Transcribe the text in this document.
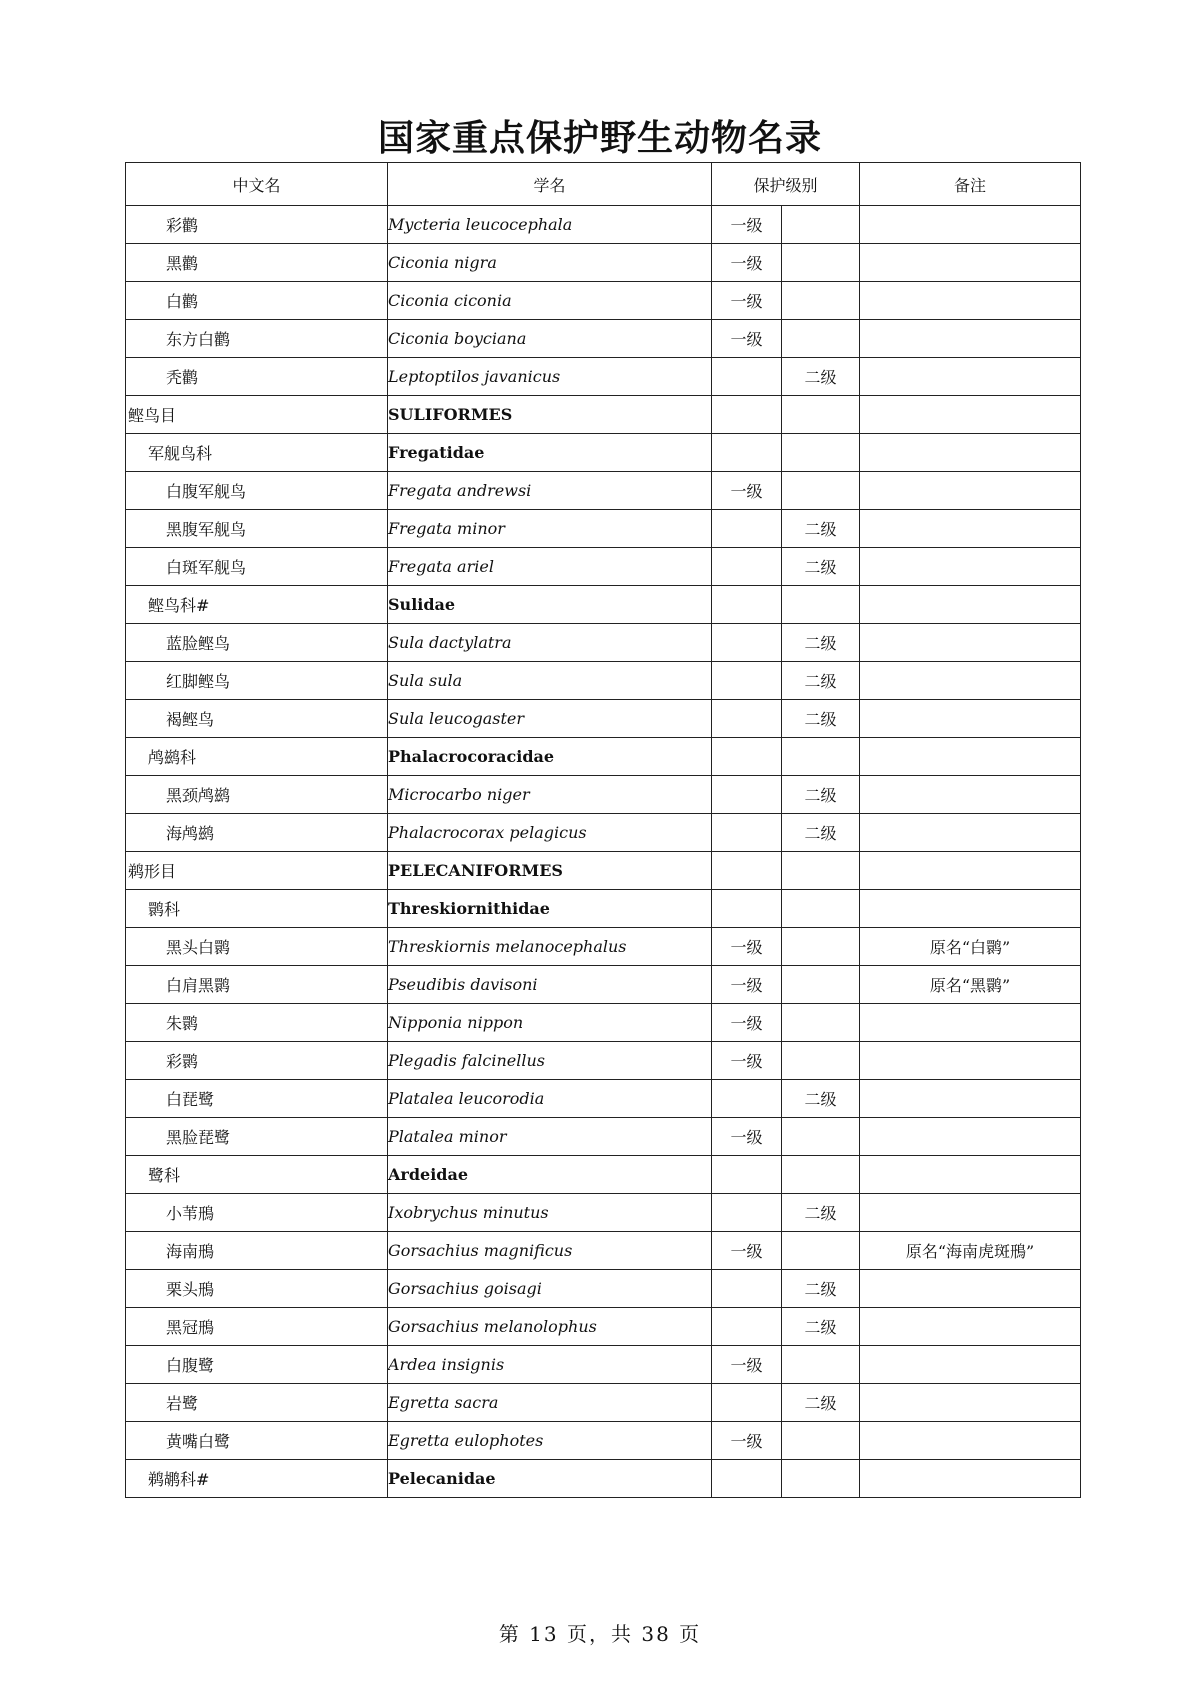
国家重点保护野生动物名录
中文名	学名	保护级别		备注
彩鹳	Mycteria leucocephala	一级		
黑鹳	Ciconia nigra	一级		
白鹳	Ciconia ciconia	一级		
东方白鹳	Ciconia boyciana	一级		
秃鹳	Leptoptilos javanicus		二级	
鲣鸟目	SULIFORMES			
军舰鸟科	Fregatidae			
白腹军舰鸟	Fregata andrewsi	一级		
黑腹军舰鸟	Fregata minor		二级	
白斑军舰鸟	Fregata ariel		二级	
鲣鸟科#	Sulidae			
蓝脸鲣鸟	Sula dactylatra		二级	
红脚鲣鸟	Sula sula		二级	
褐鲣鸟	Sula leucogaster		二级	
鸬鹚科	Phalacrocoracidae			
黑颈鸬鹚	Microcarbo niger		二级	
海鸬鹚	Phalacrocorax pelagicus		二级	
鹈形目	PELECANIFORMES			
鹮科	Threskiornithidae			
黑头白鹮	Threskiornis melanocephalus	一级		原名“白鹮”
白肩黑鹮	Pseudibis davisoni	一级		原名“黑鹮”
朱鹮	Nipponia nippon	一级		
彩鹮	Plegadis falcinellus	一级		
白琵鹭	Platalea leucorodia		二级	
黑脸琵鹭	Platalea minor	一级		
鹭科	Ardeidae			
小苇鳽	Ixobrychus minutus		二级	
海南鳽	Gorsachius magnificus	一级		原名“海南虎斑鳽”
栗头鳽	Gorsachius goisagi		二级	
黑冠鳽	Gorsachius melanolophus		二级	
白腹鹭	Ardea insignis	一级		
岩鹭	Egretta sacra		二级	
黄嘴白鹭	Egretta eulophotes	一级		
鹈鹕科#	Pelecanidae			
第 13 页，共 38 页
